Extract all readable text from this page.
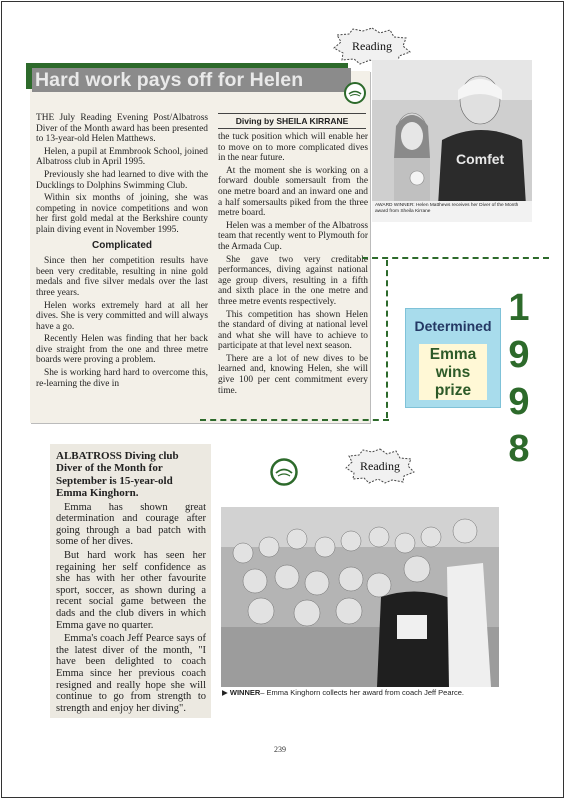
Reading
Hard work pays off for Helen

THE July Reading Evening Post/Albatross Diver of the Month award has been presented to 13-year-old Helen Matthews.

Helen, a pupil at Emmbrook School, joined Albatross club in April 1995.

Previously she had learned to dive with the Ducklings to Dolphins Swimming Club.

Within six months of joining, she was competing in novice competitions and won her first gold medal at the Berkshire county plain diving event in November 1995.

Complicated

Since then her competition results have been very creditable, resulting in nine gold medals and five silver medals over the last three years.

Helen works extremely hard at all her dives. She is very committed and will always have a go.

Recently Helen was finding that her back dive straight from the one and three metre boards were proving a problem.

She is working hard hard to overcome this, re-learning the dive in

Diving by SHEILA KIRRANE

the tuck position which will enable her to move on to more complicated dives in the near future.

At the moment she is working on a forward double somersault from the one metre board and an inward one and a half somersaults piked from the three metre board.

Helen was a member of the Albatross team that recently went to Plymouth for the Armada Cup.

She gave two very creditable performances, diving against national age group divers, resulting in a fifth and sixth place in the one metre and three metre events respectively.

This competition has shown Helen the standard of diving at national level and what she will have to achieve to participate at that level next season.

There are a lot of new dives to be learned and, knowing Helen, she will give 100 per cent commitment every time.

Comfet
AWARD WINNER: Helen Matthews receives her Diver of the Month award from Sheila Kirrane
Determined
Emma
wins
prize
1
9
9
8
Reading

ALBATROSS Diving club Diver of the Month for September is 15-year-old Emma Kinghorn.

Emma has shown great determination and courage after going through a bad patch with some of her dives.

But hard work has seen her regaining her self confidence as she has with her other favourite sport, soccer, as shown during a recent social game between the dads and the club divers in which Emma gave no quarter.

Emma's coach Jeff Pearce says of the latest diver of the month, "I have been delighted to coach Emma since her previous coach resigned and really hope she will continue to go from strength to strength and enjoy her diving".

▶ WINNER– Emma Kinghorn collects her award from coach Jeff Pearce.
239
